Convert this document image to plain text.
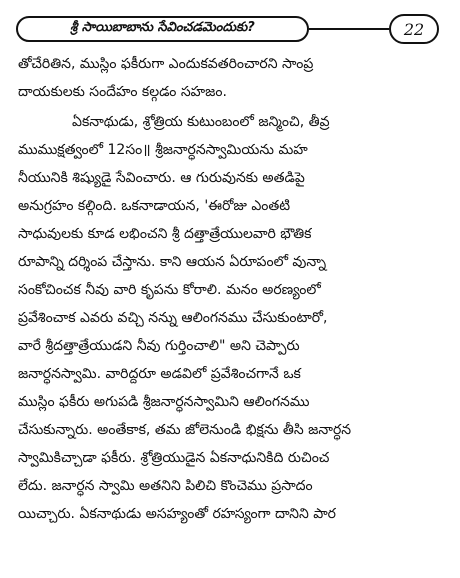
శ్రీ సాయిబాబాను సేవించడమెందుకు?	22
తోచేరితిన, ముస్లిం ఫకీరుగా ఎందుకవతరించారని సాంప్ర
దాయకులకు సందేహం కల్గడం సహజం.
ఏకనాథుడు, శ్రోత్రియ కుటుంబంలో జన్మించి, తీవ్ర
ముముక్షత్వంలో 12సం॥ శ్రీజనార్ధనస్వామియను మహ
నీయునికి శిష్యుడై సేవించారు. ఆ గురువునకు అతడిపై
అనుగ్రహం కల్గింది. ఒకనాడాయన, 'ఈరోజు ఎంతటి
సాధువులకు కూడ లభించని శ్రీ దత్తాత్రేయులవారి భౌతిక
రూపాన్ని దర్శింప చేస్తాను. కాని ఆయన ఏరూపంలో వున్నా
సంకోచించక నీవు వారి కృపను కోరాలి. మనం అరణ్యంలో
ప్రవేశించాక ఎవరు వచ్చి నన్ను ఆలింగనము చేసుకుంటారో,
వారే శ్రీదత్తాత్రేయుడని నీవు గుర్తించాలి" అని చెప్పారు
జనార్ధనస్వామి. వారిద్దరూ అడవిలో ప్రవేశించగానే ఒక
ముస్లిం ఫకీరు అగుపడి శ్రీజనార్ధనస్వామిని ఆలింగనము
చేసుకున్నారు. అంతేకాక, తమ జోలెనుండి భిక్షను తీసి జనార్ధన
స్వామికిచ్చాడా ఫకీరు. శ్రోత్రియుడైన ఏకనాధునికిది రుచించ
లేదు. జనార్ధన స్వామి అతనిని పిలిచి కొంచెము ప్రసాదం
యిచ్చారు. ఏకనాథుడు అసహ్యంతో రహస్యంగా దానిని పార
